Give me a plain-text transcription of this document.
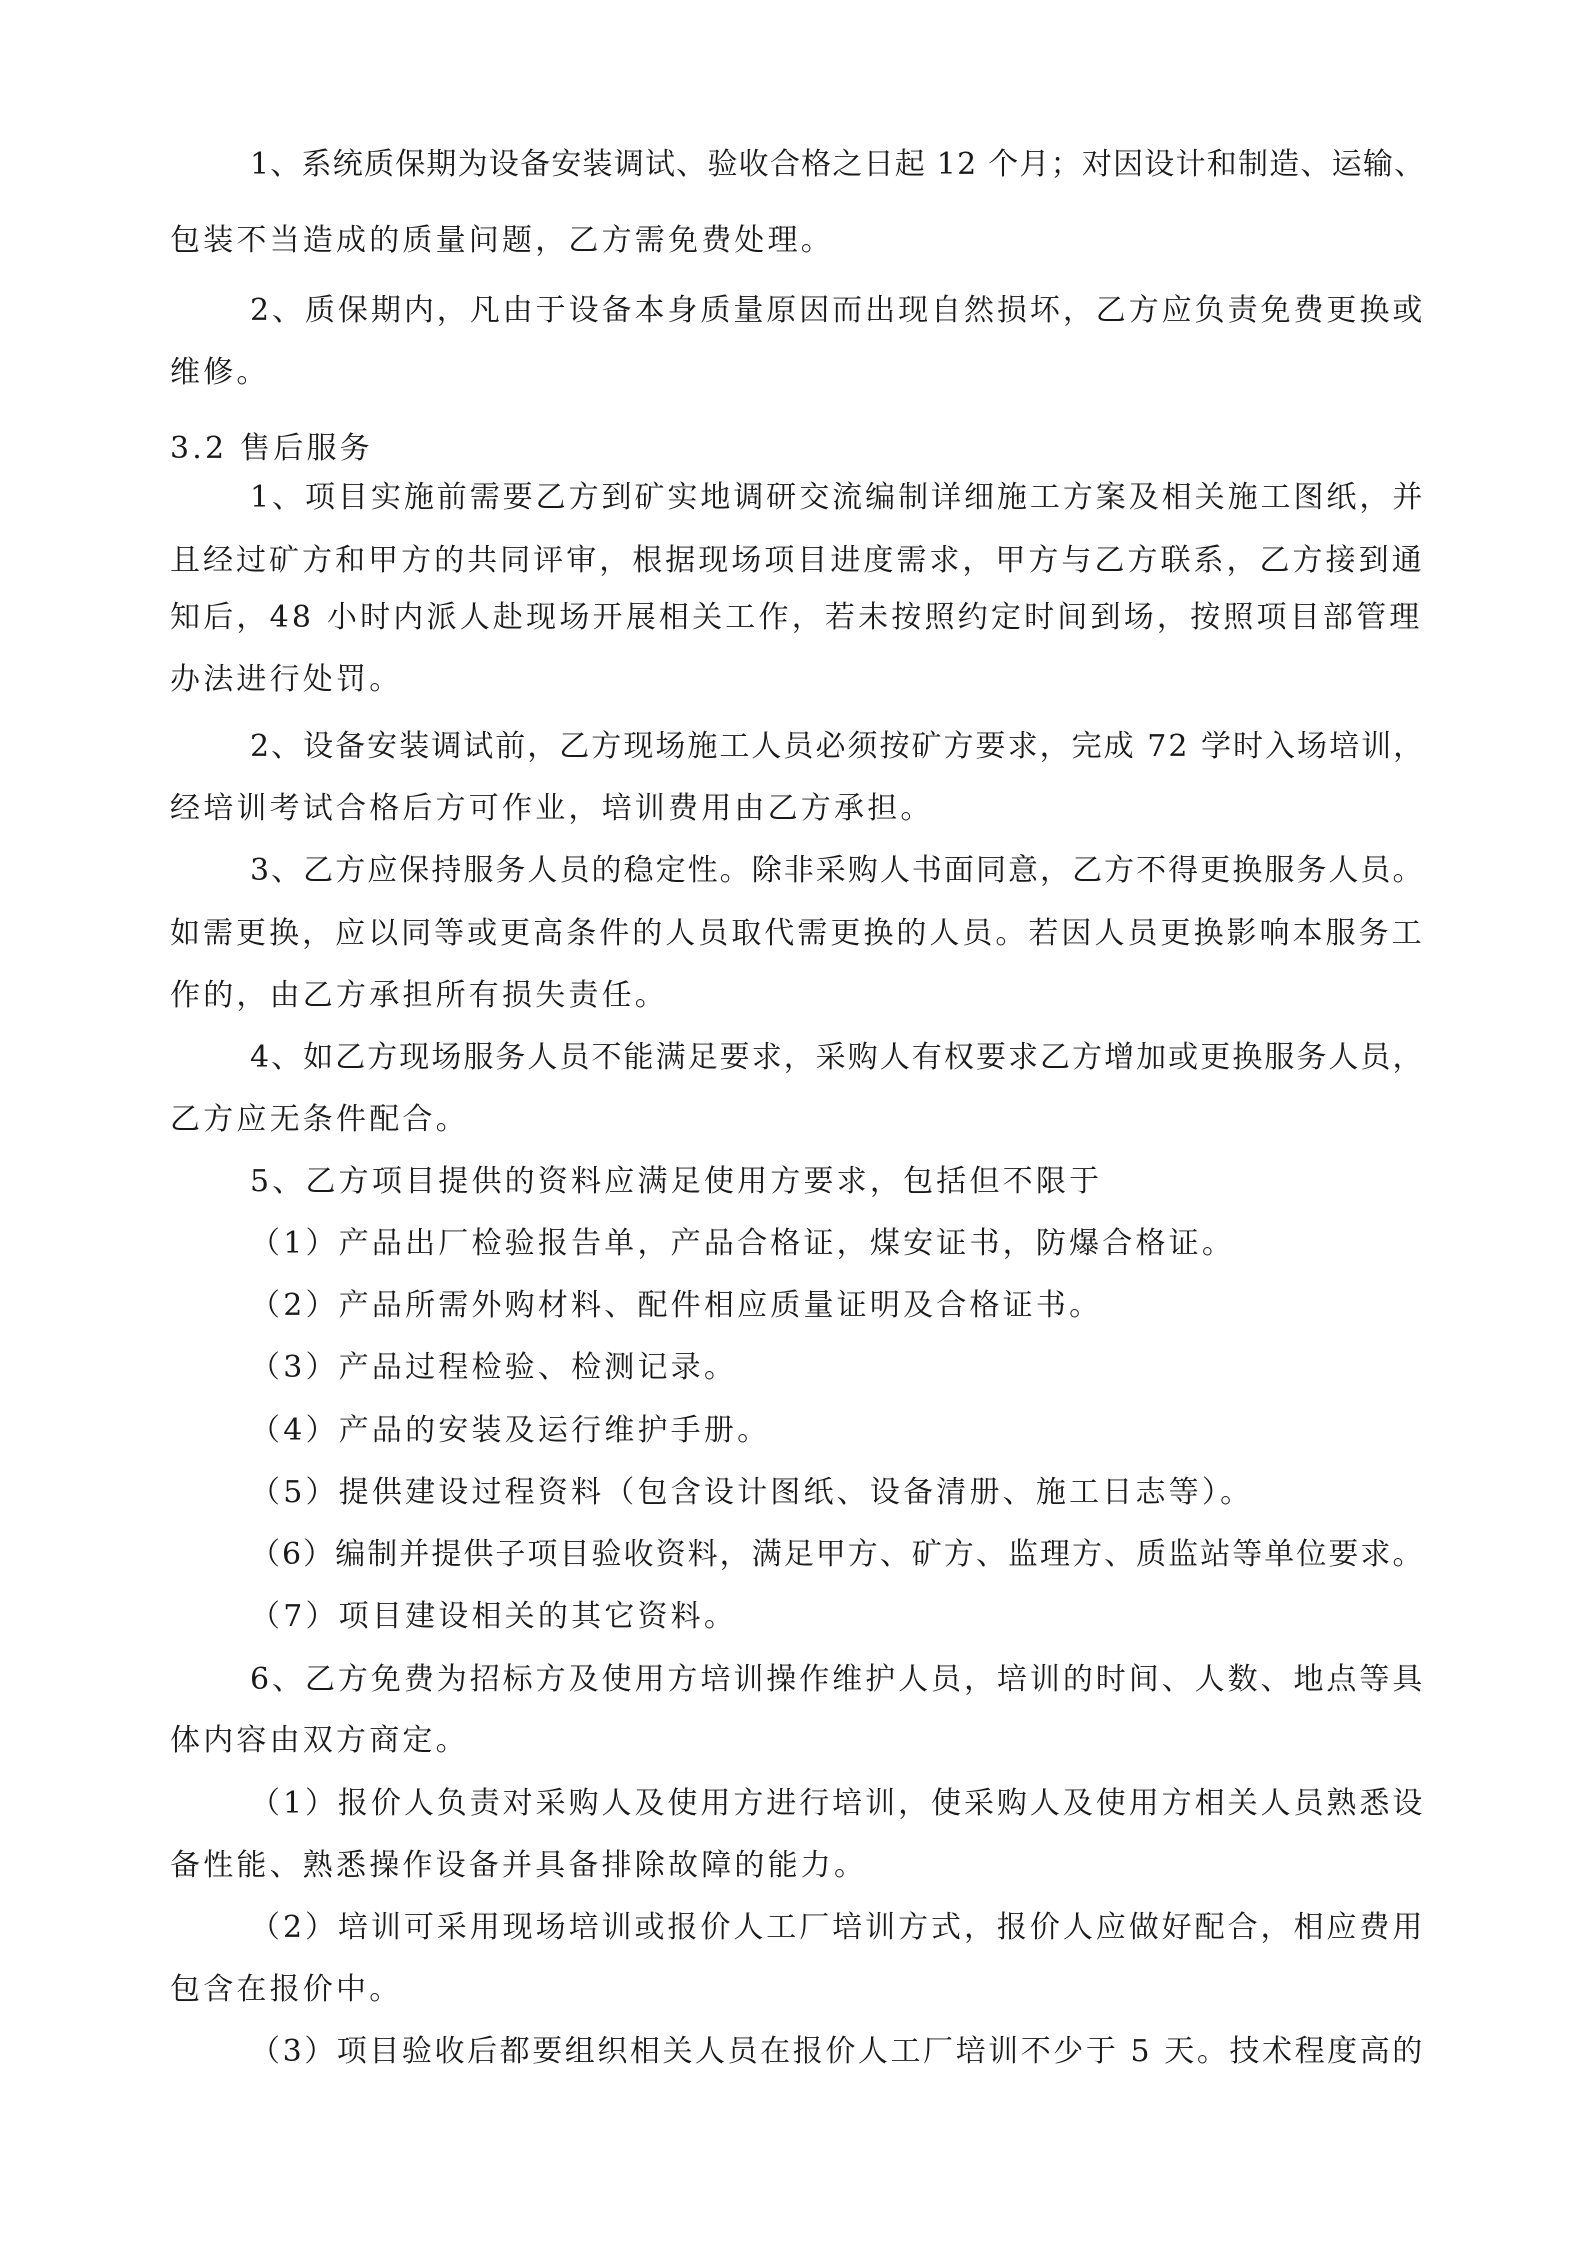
1、系统质保期为设备安装调试、验收合格之日起 12 个月；对因设计和制造、运输、
包装不当造成的质量问题，乙方需免费处理。
2、质保期内，凡由于设备本身质量原因而出现自然损坏，乙方应负责免费更换或
维修。
3.2 售后服务
1、项目实施前需要乙方到矿实地调研交流编制详细施工方案及相关施工图纸，并
且经过矿方和甲方的共同评审，根据现场项目进度需求，甲方与乙方联系，乙方接到通
知后，48 小时内派人赴现场开展相关工作，若未按照约定时间到场，按照项目部管理
办法进行处罚。
2、设备安装调试前，乙方现场施工人员必须按矿方要求，完成 72 学时入场培训，
经培训考试合格后方可作业，培训费用由乙方承担。
3、乙方应保持服务人员的稳定性。除非采购人书面同意，乙方不得更换服务人员。
如需更换，应以同等或更高条件的人员取代需更换的人员。若因人员更换影响本服务工
作的，由乙方承担所有损失责任。
4、如乙方现场服务人员不能满足要求，采购人有权要求乙方增加或更换服务人员，
乙方应无条件配合。
5、乙方项目提供的资料应满足使用方要求，包括但不限于
（1）产品出厂检验报告单，产品合格证，煤安证书，防爆合格证。
（2）产品所需外购材料、配件相应质量证明及合格证书。
（3）产品过程检验、检测记录。
（4）产品的安装及运行维护手册。
（5）提供建设过程资料（包含设计图纸、设备清册、施工日志等）。
（6）编制并提供子项目验收资料，满足甲方、矿方、监理方、质监站等单位要求。
（7）项目建设相关的其它资料。
6、乙方免费为招标方及使用方培训操作维护人员，培训的时间、人数、地点等具
体内容由双方商定。
（1）报价人负责对采购人及使用方进行培训，使采购人及使用方相关人员熟悉设
备性能、熟悉操作设备并具备排除故障的能力。
（2）培训可采用现场培训或报价人工厂培训方式，报价人应做好配合，相应费用
包含在报价中。
（3）项目验收后都要组织相关人员在报价人工厂培训不少于 5 天。技术程度高的
